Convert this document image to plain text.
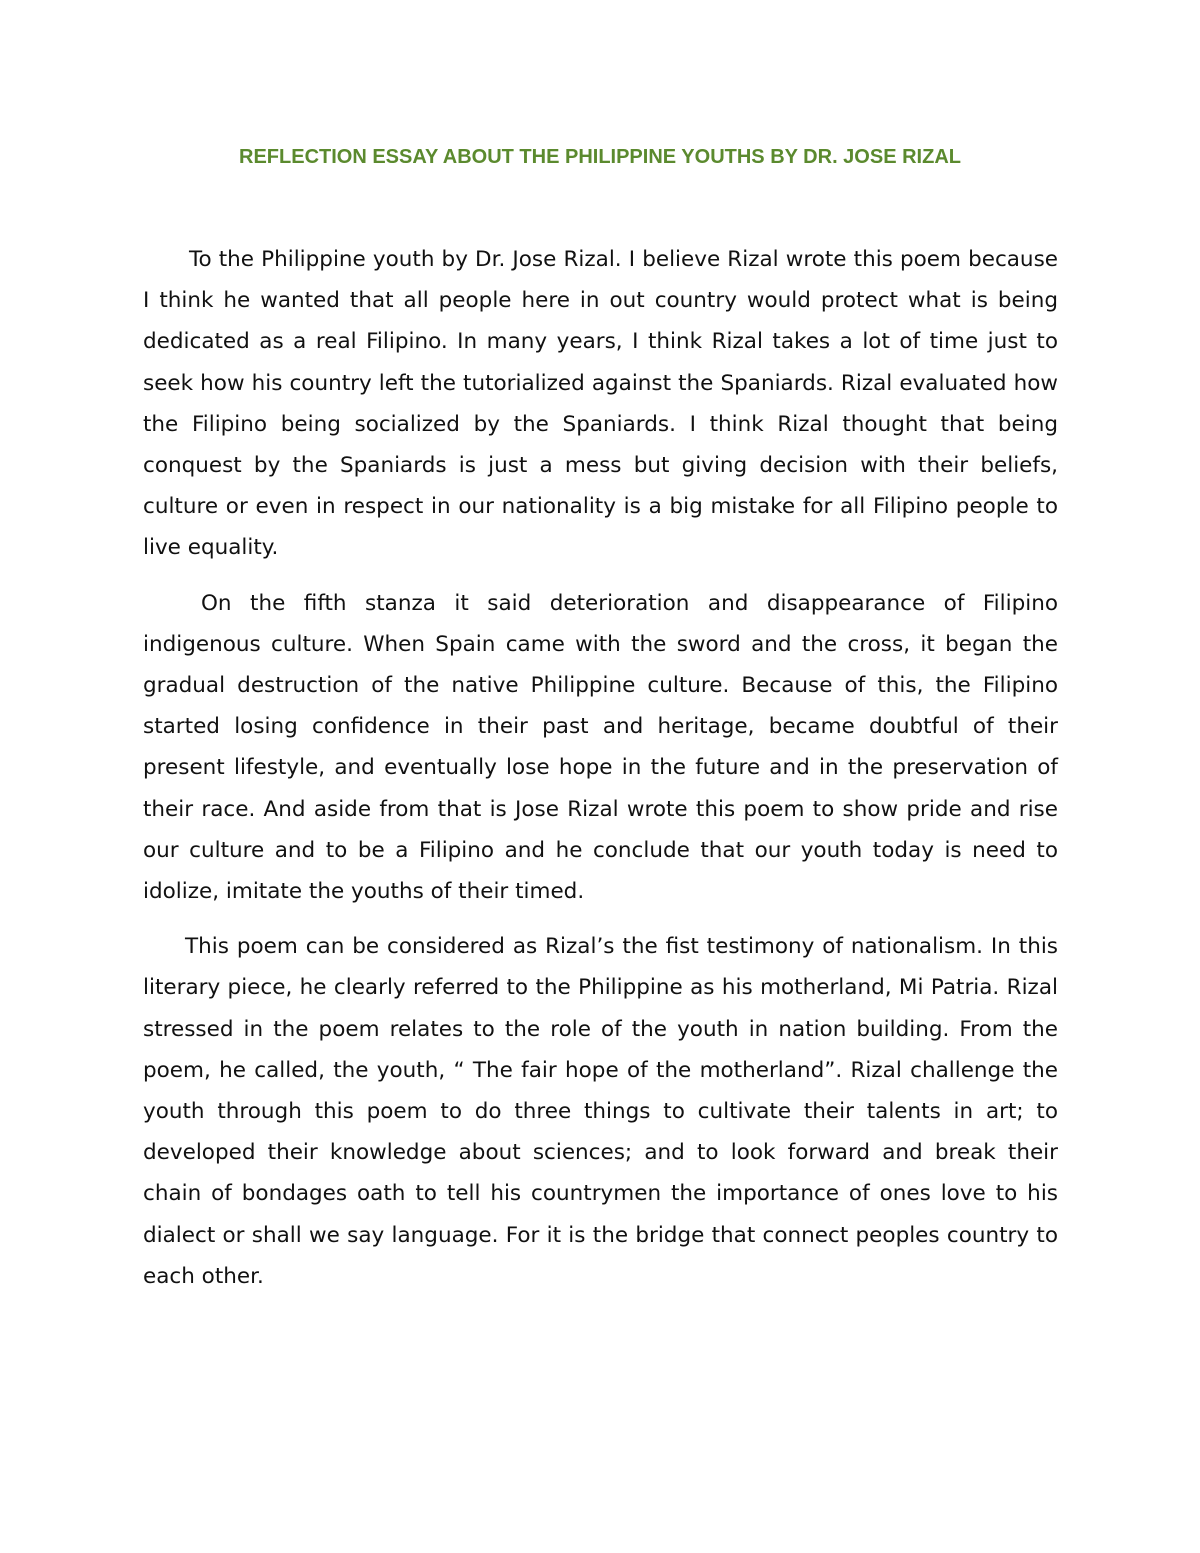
REFLECTION ESSAY ABOUT THE PHILIPPINE YOUTHS BY DR. JOSE RIZAL

To the Philippine youth by Dr. Jose Rizal. I believe Rizal wrote this poem because I think he wanted that all people here in out country would protect what is being dedicated as a real Filipino. In many years, I think Rizal takes a lot of time just to seek how his country left the tutorialized against the Spaniards. Rizal evaluated how the Filipino being socialized by the Spaniards. I think Rizal thought that being conquest by the Spaniards is just a mess but giving decision with their beliefs, culture or even in respect in our nationality is a big mistake for all Filipino people to live equality.

On the fifth stanza it said deterioration and disappearance of Filipino indigenous culture. When Spain came with the sword and the cross, it began the gradual destruction of the native Philippine culture. Because of this, the Filipino started losing confidence in their past and heritage, became doubtful of their present lifestyle, and eventually lose hope in the future and in the preservation of their race. And aside from that is Jose Rizal wrote this poem to show pride and rise our culture and to be a Filipino and he conclude that our youth today is need to idolize, imitate the youths of their timed.

This poem can be considered as Rizal’s the fist testimony of nationalism. In this literary piece, he clearly referred to the Philippine as his motherland, Mi Patria. Rizal stressed in the poem relates to the role of the youth in nation building. From the poem, he called, the youth, “ The fair hope of the motherland”. Rizal challenge the youth through this poem to do three things to cultivate their talents in art; to developed their knowledge about sciences; and to look forward and break their chain of bondages oath to tell his countrymen the importance of ones love to his dialect or shall we say language. For it is the bridge that connect peoples country to each other.
